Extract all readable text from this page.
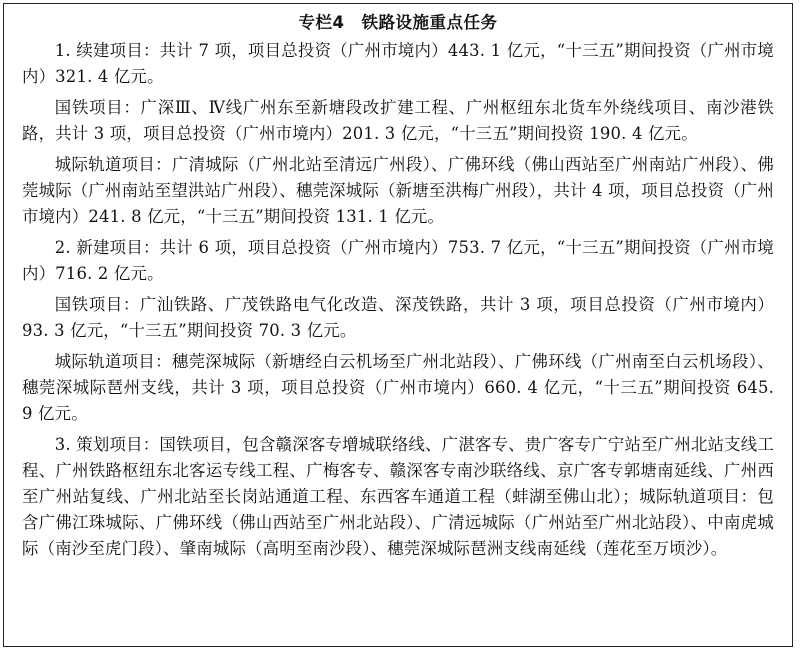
专栏4　铁路设施重点任务

1. 续建项目：共计 7 项，项目总投资（广州市境内）443. 1 亿元，“十三五”期间投资（广州市境内）321. 4 亿元。

国铁项目：广深Ⅲ、Ⅳ线广州东至新塘段改扩建工程、广州枢纽东北货车外绕线项目、南沙港铁路，共计 3 项，项目总投资（广州市境内）201. 3 亿元，“十三五”期间投资 190. 4 亿元。

城际轨道项目：广清城际（广州北站至清远广州段）、广佛环线（佛山西站至广州南站广州段）、佛莞城际（广州南站至望洪站广州段）、穗莞深城际（新塘至洪梅广州段），共计 4 项，项目总投资（广州市境内）241. 8 亿元，“十三五”期间投资 131. 1 亿元。

2. 新建项目：共计 6 项，项目总投资（广州市境内）753. 7 亿元，“十三五”期间投资（广州市境内）716. 2 亿元。

国铁项目：广汕铁路、广茂铁路电气化改造、深茂铁路，共计 3 项，项目总投资（广州市境内）93. 3 亿元，“十三五”期间投资 70. 3 亿元。

城际轨道项目：穗莞深城际（新塘经白云机场至广州北站段）、广佛环线（广州南至白云机场段）、穗莞深城际琶州支线，共计 3 项，项目总投资（广州市境内）660. 4 亿元，“十三五”期间投资 645. 9 亿元。

3. 策划项目：国铁项目，包含赣深客专增城联络线、广湛客专、贵广客专广宁站至广州北站支线工程、广州铁路枢纽东北客运专线工程、广梅客专、赣深客专南沙联络线、京广客专郭塘南延线、广州西至广州站复线、广州北站至长岗站通道工程、东西客车通道工程（蚌湖至佛山北）；城际轨道项目：包含广佛江珠城际、广佛环线（佛山西站至广州北站段）、广清远城际（广州站至广州北站段）、中南虎城际（南沙至虎门段）、肇南城际（高明至南沙段）、穗莞深城际琶洲支线南延线（莲花至万顷沙）。
